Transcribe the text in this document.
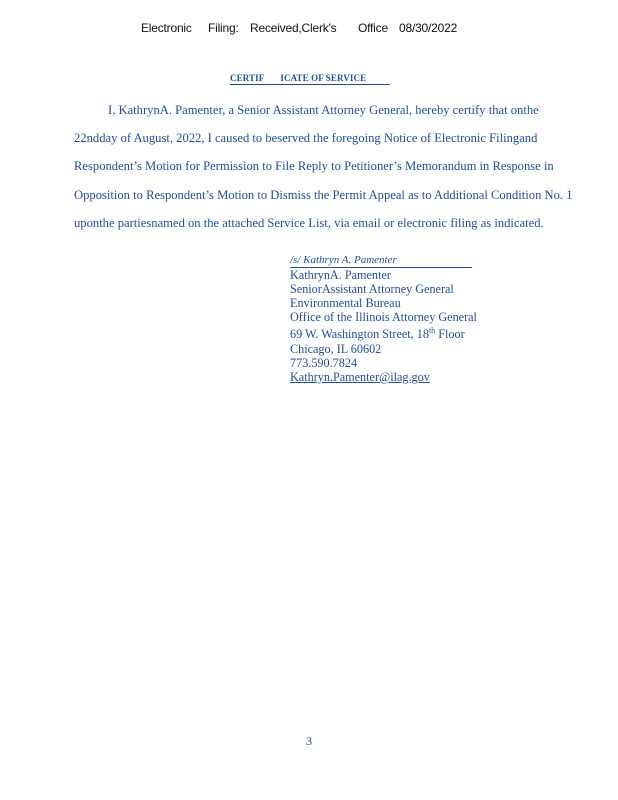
Electronic Filing: Received,Clerk's Office 08/30/2022
CERTIF       ICATE OF SERVICE

I, KathrynA. Pamenter, a Senior Assistant Attorney General, hereby certify that onthe

22ndday of August, 2022, I caused to beserved the foregoing Notice of Electronic Filingand

Respondent’s Motion for Permission to File Reply to Petitioner’s Memorandum in Response in

Opposition to Respondent’s Motion to Dismiss the Permit Appeal as to Additional Condition No. 1

uponthe partiesnamed on the attached Service List, via email or electronic filing as indicated.

/s/ Kathryn A. Pamenter
KathrynA. Pamenter
SeniorAssistant Attorney General
Environmental Bureau
Office of the Illinois Attorney General
69 W. Washington Street, 18th Floor
Chicago, IL 60602
773.590.7824
Kathryn.Pamenter@ilag.gov
3
